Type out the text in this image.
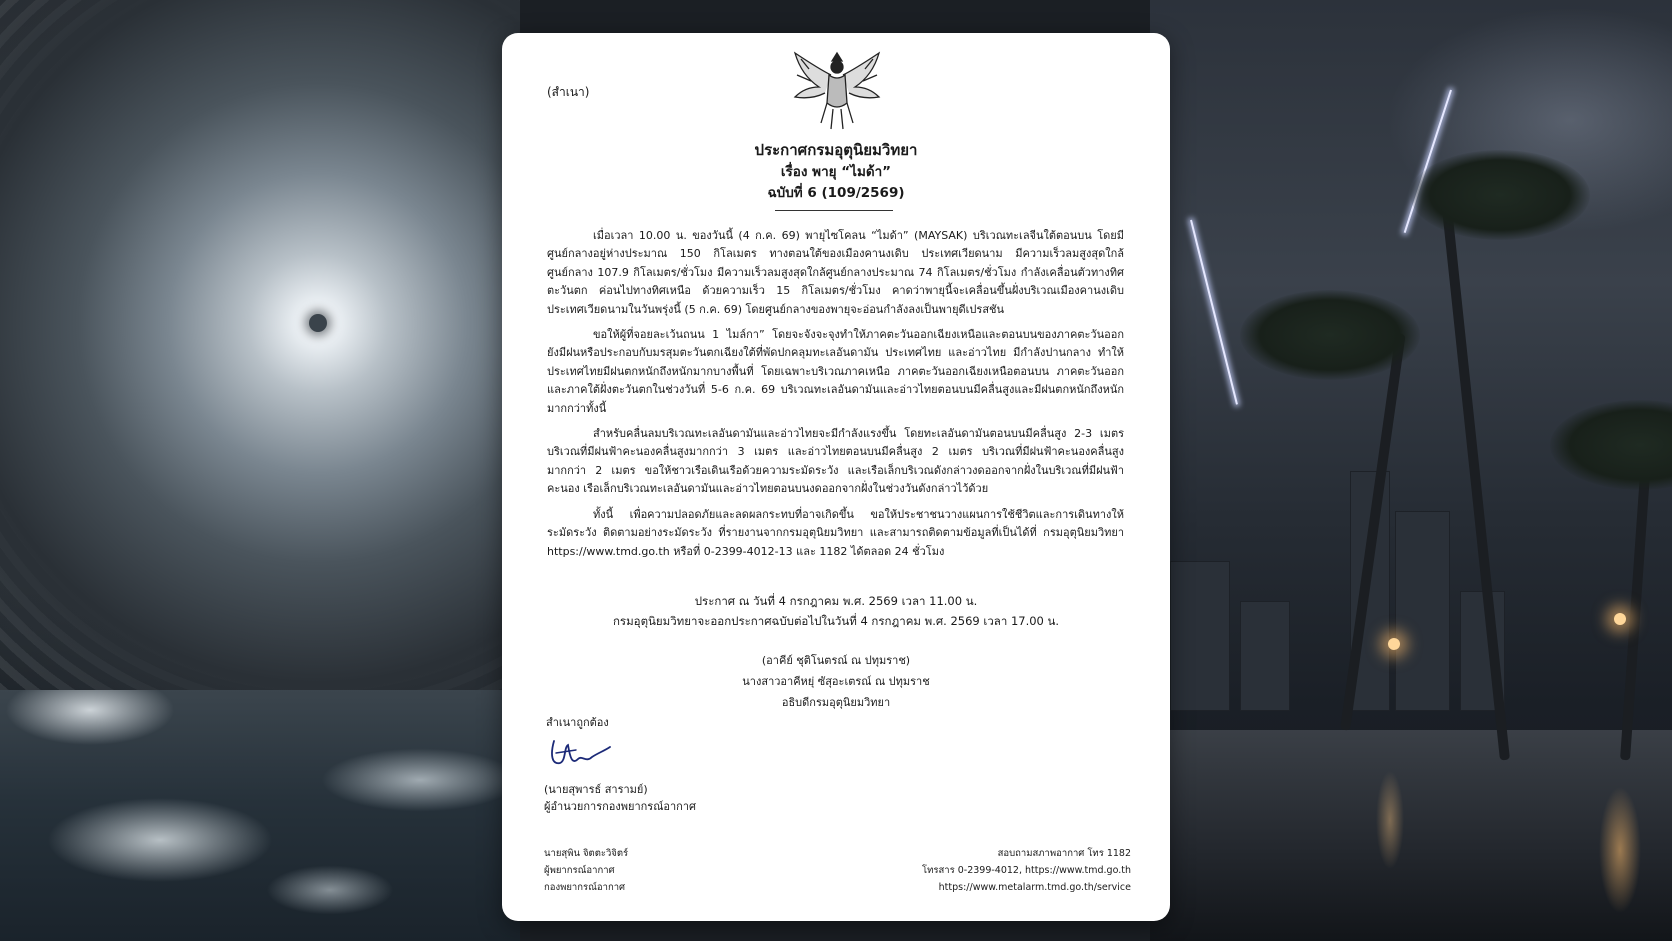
(สำเนา)
ประกาศกรมอุตุนิยมวิทยา
เรื่อง พายุ “ไมด้า”
ฉบับที่ 6 (109/2569)

เมื่อเวลา 10.00 น. ของวันนี้ (4 ก.ค. 69) พายุไซโคลน “ไมด้า” (MAYSAK) บริเวณทะเลจีนใต้ตอนบน โดยมีศูนย์กลางอยู่ห่างประมาณ 150 กิโลเมตร ทางตอนใต้ของเมืองคานงเดิบ ประเทศเวียดนาม มีความเร็วลมสูงสุดใกล้ศูนย์กลาง 107.9 กิโลเมตร/ชั่วโมง มีความเร็วลมสูงสุดใกล้ศูนย์กลางประมาณ 74 กิโลเมตร/ชั่วโมง กำลังเคลื่อนตัวทางทิศตะวันตก ค่อนไปทางทิศเหนือ ด้วยความเร็ว 15 กิโลเมตร/ชั่วโมง คาดว่าพายุนี้จะเคลื่อนขึ้นฝั่งบริเวณเมืองคานงเดิบ ประเทศเวียดนามในวันพรุ่งนี้ (5 ก.ค. 69) โดยศูนย์กลางของพายุจะอ่อนกำลังลงเป็นพายุดีเปรสชัน

ขอให้ผู้ที่จอยละเว้นถนน 1 ไมล์กา” โดยจะจังจะจุงทำให้ภาคตะวันออกเฉียงเหนือและตอนบนของภาคตะวันออกยังมีฝนหรือประกอบกับมรสุมตะวันตกเฉียงใต้ที่พัดปกคลุมทะเลอันดามัน ประเทศไทย และอ่าวไทย มีกำลังปานกลาง ทำให้ประเทศไทยมีฝนตกหนักถึงหนักมากบางพื้นที่ โดยเฉพาะบริเวณภาคเหนือ ภาคตะวันออกเฉียงเหนือตอนบน ภาคตะวันออก และภาคใต้ฝั่งตะวันตกในช่วงวันที่ 5-6 ก.ค. 69 บริเวณทะเลอันดามันและอ่าวไทยตอนบนมีคลื่นสูงและมีฝนตกหนักถึงหนักมากกว่าทั้งนี้

สำหรับคลื่นลมบริเวณทะเลอันดามันและอ่าวไทยจะมีกำลังแรงขึ้น โดยทะเลอันดามันตอนบนมีคลื่นสูง 2-3 เมตร บริเวณที่มีฝนฟ้าคะนองคลื่นสูงมากกว่า 3 เมตร และอ่าวไทยตอนบนมีคลื่นสูง 2 เมตร บริเวณที่มีฝนฟ้าคะนองคลื่นสูงมากกว่า 2 เมตร ขอให้ชาวเรือเดินเรือด้วยความระมัดระวัง และเรือเล็กบริเวณดังกล่าวงดออกจากฝั่งในบริเวณที่มีฝนฟ้าคะนอง เรือเล็กบริเวณทะเลอันดามันและอ่าวไทยตอนบนงดออกจากฝั่งในช่วงวันดังกล่าวไว้ด้วย

ทั้งนี้ เพื่อความปลอดภัยและลดผลกระทบที่อาจเกิดขึ้น ขอให้ประชาชนวางแผนการใช้ชีวิตและการเดินทางให้ระมัดระวัง ติดตามอย่างระมัดระวัง ที่รายงานจากกรมอุตุนิยมวิทยา และสามารถติดตามข้อมูลที่เป็นได้ที่ กรมอุตุนิยมวิทยา https://www.tmd.go.th หรือที่ 0-2399-4012-13 และ 1182 ได้ตลอด 24 ชั่วโมง

ประกาศ ณ วันที่ 4 กรกฎาคม พ.ศ. 2569 เวลา 11.00 น.
กรมอุตุนิยมวิทยาจะออกประกาศฉบับต่อไปในวันที่ 4 กรกฎาคม พ.ศ. 2569 เวลา 17.00 น.
(อาคีย์ ชุติโนตรณ์ ณ ปทุมราช)
นางสาวอาคีหยุ่ ซัสุอะเตรณ์ ณ ปทุมราช
อธิบดีกรมอุตุนิยมวิทยา
สำเนาถูกต้อง
(นายสุพารธ์ สารามย์)
ผู้อำนวยการกองพยากรณ์อากาศ
นายสุพิน จิตตะวิจิตร์
ผู้พยากรณ์อากาศ
กองพยากรณ์อากาศ
สอบถามสภาพอากาศ โทร 1182
โทรสาร 0-2399-4012, https://www.tmd.go.th
https://www.metalarm.tmd.go.th/service
